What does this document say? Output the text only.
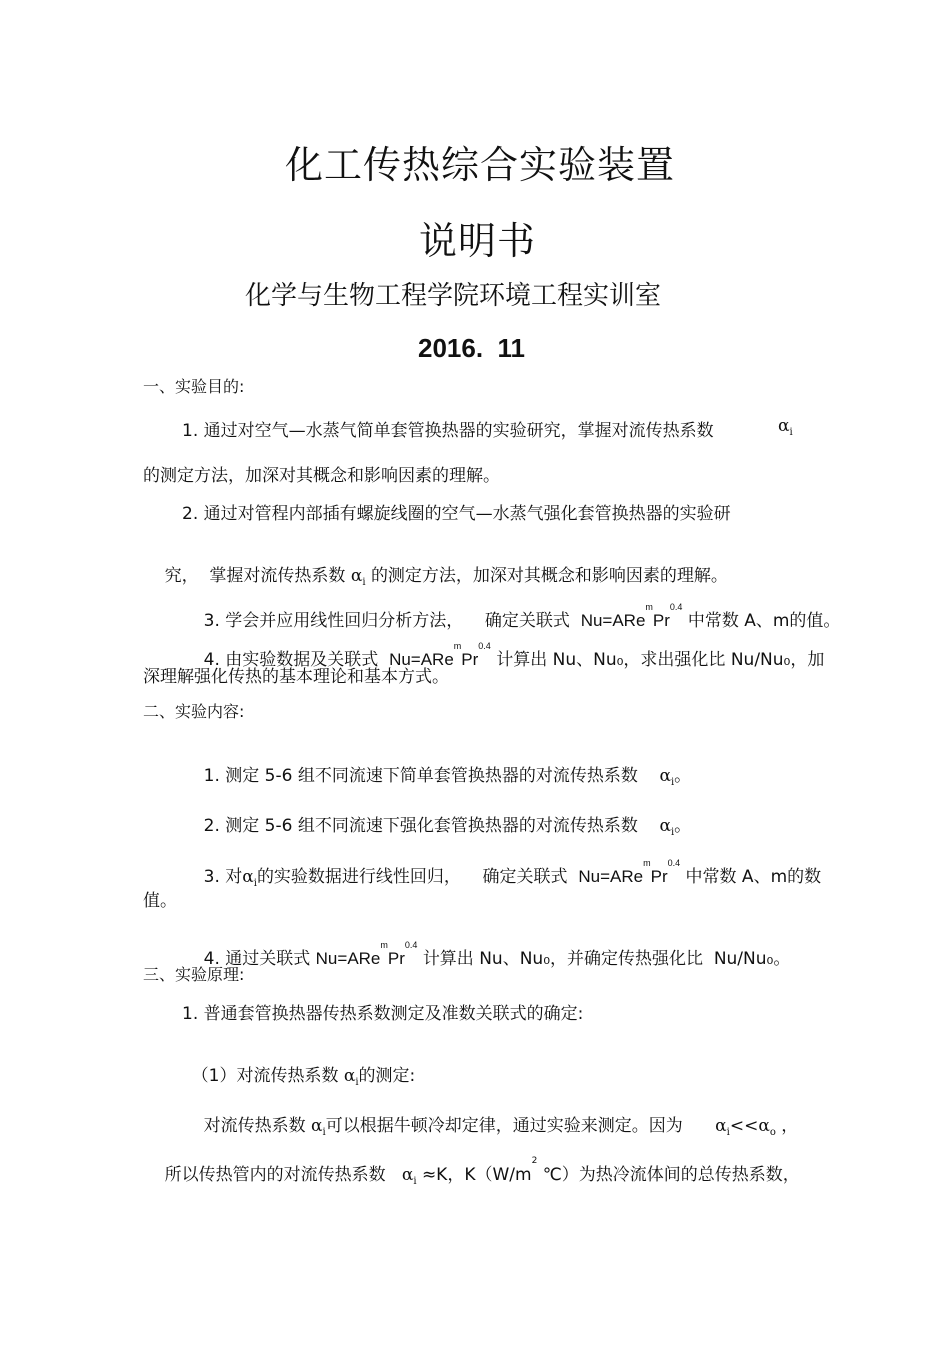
化工传热综合实验装置
说明书
化学与生物工程学院环境工程实训室
2016.  11
一、实验目的:
1. 通过对空气—水蒸气简单套管换热器的实验研究，掌握对流传热系数	$\alpha_i$
的测定方法，加深对其概念和影响因素的理解。
2. 通过对管程内部插有螺旋线圈的空气—水蒸气强化套管换热器的实验研

究，  掌握对流传热系数 $\alpha_i$ 的测定方法，加深对其概念和影响因素的理解。

3. 学会并应用线性回归分析方法，    确定关联式 $Nu=ARe^mPr^{0.4}$ 中常数 A、m的值。

4. 由实验数据及关联式 $Nu=ARe^mPr^{0.4}$ 计算出 Nu、Nu₀，求出强化比 Nu/Nu₀，加

深理解强化传热的基本理论和基本方式。
二、实验内容:

1. 测定 5-6 组不同流速下简单套管换热器的对流传热系数 $\alpha_i$。

2. 测定 5-6 组不同流速下强化套管换热器的对流传热系数 $\alpha_i$。

3. 对$\alpha_i$的实验数据进行线性回归，    确定关联式 $Nu=ARe^mPr^{0.4}$ 中常数 A、m的数

值。

4. 通过关联式 $Nu=ARe^mPr^{0.4}$ 计算出 Nu、Nu₀，并确定传热强化比  Nu/Nu₀。

三、实验原理:
1. 普通套管换热器传热系数测定及准数关联式的确定:

（1）对流传热系数 $\alpha_i$的测定:

对流传热系数 $\alpha_i$可以根据牛顿冷却定律，通过实验来测定。因为 $\alpha_i<<\alpha_o$ ，

所以传热管内的对流传热系数 $\alpha_i \approx K$，$K(W/m^2$ ℃）为热冷流体间的总传热系数，
